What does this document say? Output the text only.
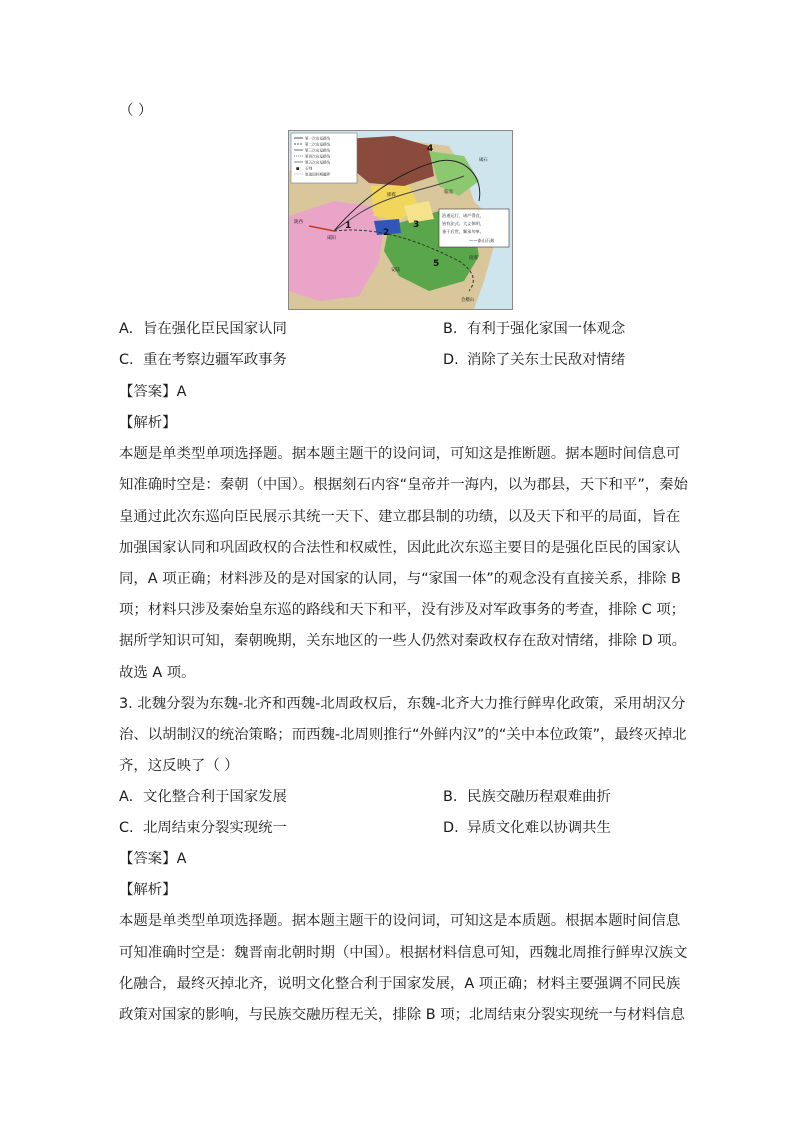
（ ）
第一次出巡路线
第二次出巡路线
第三次出巡路线
第四次出巡路线
第五次出巡路线
■ 石刻
原战国时期疆界
治道运行，诸产得宜，
皆有法式。大义休明，
垂于后世，顺承勿革。
——泰山石刻
咸阳
邯郸
临淄
琅邪
会稽山
碣石
陇西
安陆
4
1
2
3
5
A. 旨在强化臣民国家认同	B. 有利于强化家国一体观念
C. 重在考察边疆军政事务	D. 消除了关东士民敌对情绪
【答案】A
【解析】
本题是单类型单项选择题。据本题主题干的设问词，可知这是推断题。据本题时间信息可
知准确时空是：秦朝（中国）。根据刻石内容“皇帝并一海内，以为郡县，天下和平”，秦始
皇通过此次东巡向臣民展示其统一天下、建立郡县制的功绩，以及天下和平的局面，旨在
加强国家认同和巩固政权的合法性和权威性，因此此次东巡主要目的是强化臣民的国家认
同，A 项正确；材料涉及的是对国家的认同，与“家国一体”的观念没有直接关系，排除 B
项；材料只涉及秦始皇东巡的路线和天下和平，没有涉及对军政事务的考查，排除 C 项；
据所学知识可知，秦朝晚期，关东地区的一些人仍然对秦政权存在敌对情绪，排除 D 项。
故选 A 项。
3. 北魏分裂为东魏-北齐和西魏-北周政权后，东魏-北齐大力推行鲜卑化政策，采用胡汉分
治、以胡制汉的统治策略；而西魏-北周则推行“外鲜内汉”的“关中本位政策”，最终灭掉北
齐，这反映了（ ）
A. 文化整合利于国家发展	B. 民族交融历程艰难曲折
C. 北周结束分裂实现统一	D. 异质文化难以协调共生
【答案】A
【解析】
本题是单类型单项选择题。据本题主题干的设问词，可知这是本质题。根据本题时间信息
可知准确时空是：魏晋南北朝时期（中国）。根据材料信息可知，西魏北周推行鲜卑汉族文
化融合，最终灭掉北齐，说明文化整合利于国家发展，A 项正确；材料主要强调不同民族
政策对国家的影响，与民族交融历程无关，排除 B 项；北周结束分裂实现统一与材料信息
